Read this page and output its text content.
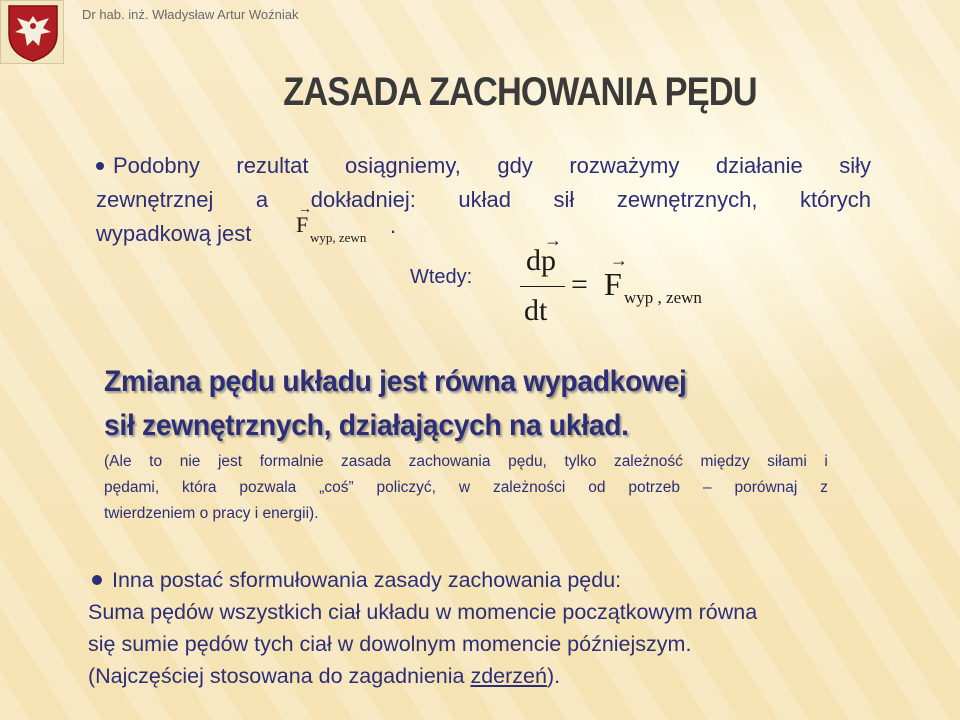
Dr hab. inż. Władysław Artur Woźniak
ZASADA ZACHOWANIA PĘDU
Podobny rezultat osiągniemy, gdy rozważymy działanie siły
zewnętrznej a dokładniej: układ sił zewnętrznych, których
wypadkową jest
→
F
wyp, zewn .
Wtedy: dp
→
dt
=
→
F wyp , zewn
Zmiana pędu układu jest równa wypadkowej
sił zewnętrznych, działających na układ.
(Ale to nie jest formalnie zasada zachowania pędu, tylko zależność między siłami i
pędami, która pozwala „coś” policzyć, w zależności od potrzeb – porównaj z
twierdzeniem o pracy i energii).
Inna postać sformułowania zasady zachowania pędu:
Suma pędów wszystkich ciał układu w momencie początkowym równa
się sumie pędów tych ciał w dowolnym momencie późniejszym.
(Najczęściej stosowana do zagadnienia zderzeń).
